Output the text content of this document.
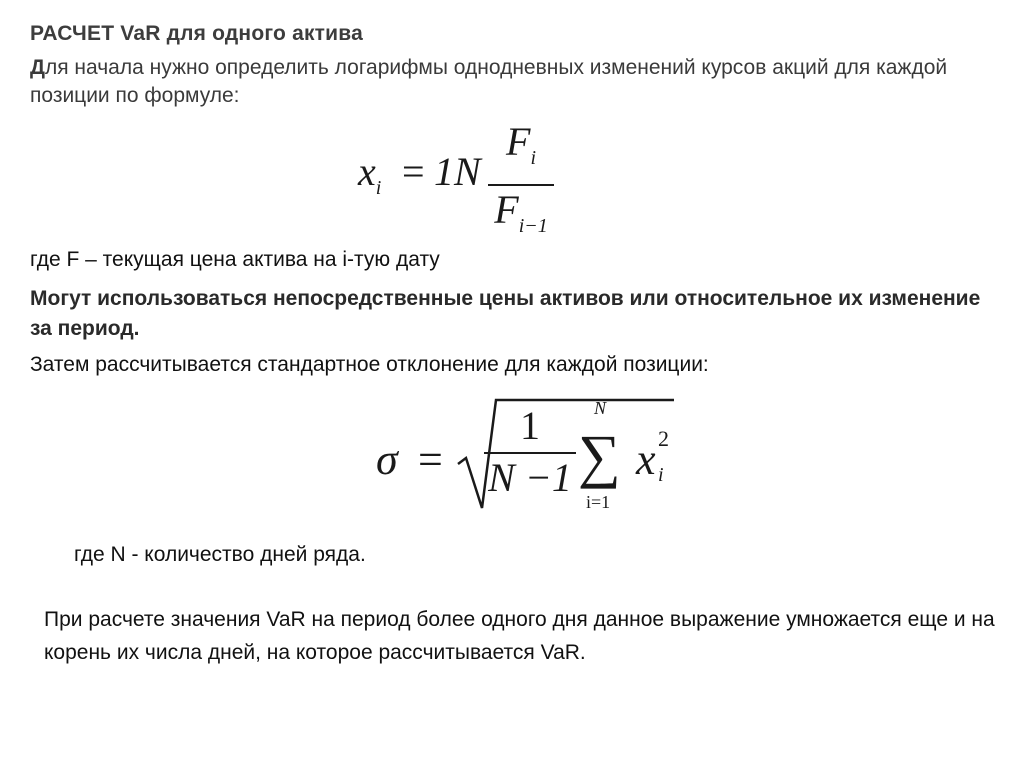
РАСЧЕТ VaR для одного актива
Для начала нужно определить логарифмы однодневных изменений курсов акций для каждой позиции по формуле:
$x_i = 1N$
$F_i$
$F_{i-1}$
где F – текущая цена актива на i-тую дату
Могут использоваться непосредственные цены активов или относительное их изменение за период.
Затем рассчитывается стандартное отклонение для каждой позиции:
σ =
1
N −1 ∑
N
i=1
x 2
i
где N - количество дней ряда.
При расчете значения VaR на период более одного дня данное выражение умножается еще и на корень их числа дней, на которое рассчитывается VaR.
